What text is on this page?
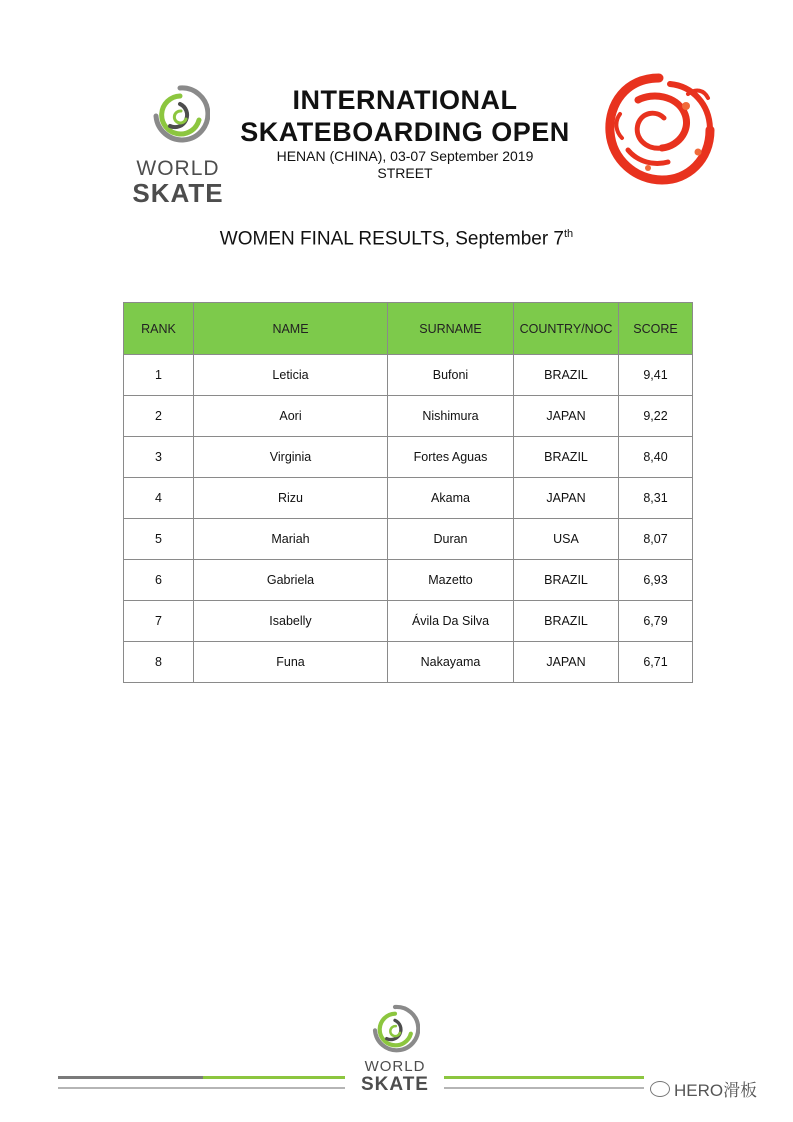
WORLD
SKATE
INTERNATIONAL
SKATEBOARDING OPEN
HENAN (CHINA), 03-07 September 2019
STREET
WOMEN FINAL RESULTS, September 7th
RANK	NAME	SURNAME	COUNTRY/NOC	SCORE
1	Leticia	Bufoni	BRAZIL	9,41
2	Aori	Nishimura	JAPAN	9,22
3	Virginia	Fortes Aguas	BRAZIL	8,40
4	Rizu	Akama	JAPAN	8,31
5	Mariah	Duran	USA	8,07
6	Gabriela	Mazetto	BRAZIL	6,93
7	Isabelly	Ávila Da Silva	BRAZIL	6,79
8	Funa	Nakayama	JAPAN	6,71
WORLD
SKATE	HERO滑板
